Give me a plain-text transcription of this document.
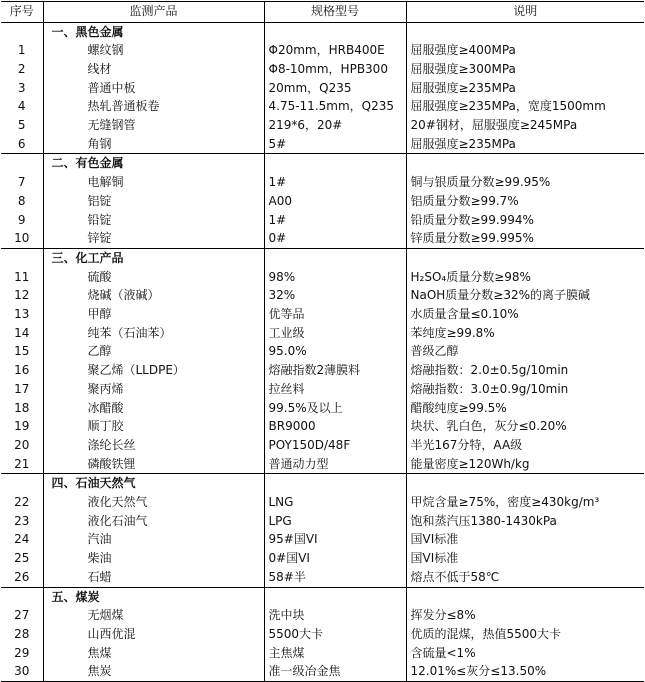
序号	监测产品	规格型号	说明
	一、黑色金属		
1	螺纹钢	Φ20mm，HRB400E	屈服强度≥400MPa
2	线材	Φ8-10mm，HPB300	屈服强度≥300MPa
3	普通中板	20mm，Q235	屈服强度≥235MPa
4	热轧普通板卷	4.75-11.5mm，Q235	屈服强度≥235MPa，宽度1500mm
5	无缝钢管	219*6，20#	20#钢材，屈服强度≥245MPa
6	角钢	5#	屈服强度≥235MPa
	二、有色金属		
7	电解铜	1#	铜与银质量分数≥99.95%
8	铝锭	A00	铝质量分数≥99.7%
9	铅锭	1#	铅质量分数≥99.994%
10	锌锭	0#	锌质量分数≥99.995%
	三、化工产品		
11	硫酸	98%	H₂SO₄质量分数≥98%
12	烧碱（液碱）	32%	NaOH质量分数≥32%的离子膜碱
13	甲醇	优等品	水质量含量≤0.10%
14	纯苯（石油苯）	工业级	苯纯度≥99.8%
15	乙醇	95.0%	普级乙醇
16	聚乙烯（LLDPE）	熔融指数2薄膜料	熔融指数：2.0±0.5g/10min
17	聚丙烯	拉丝料	熔融指数：3.0±0.9g/10min
18	冰醋酸	99.5%及以上	醋酸纯度≥99.5%
19	顺丁胶	BR9000	块状、乳白色，灰分≤0.20%
20	涤纶长丝	POY150D/48F	半光167分特，AA级
21	磷酸铁锂	普通动力型	能量密度≥120Wh/kg
	四、石油天然气		
22	液化天然气	LNG	甲烷含量≥75%，密度≥430kg/m³
23	液化石油气	LPG	饱和蒸汽压1380-1430kPa
24	汽油	95#国VI	国VI标准
25	柴油	0#国VI	国VI标准
26	石蜡	58#半	熔点不低于58℃
	五、煤炭		
27	无烟煤	洗中块	挥发分≤8%
28	山西优混	5500大卡	优质的混煤，热值5500大卡
29	焦煤	主焦煤	含硫量<1%
30	焦炭	准一级冶金焦	12.01%≤灰分≤13.50%
